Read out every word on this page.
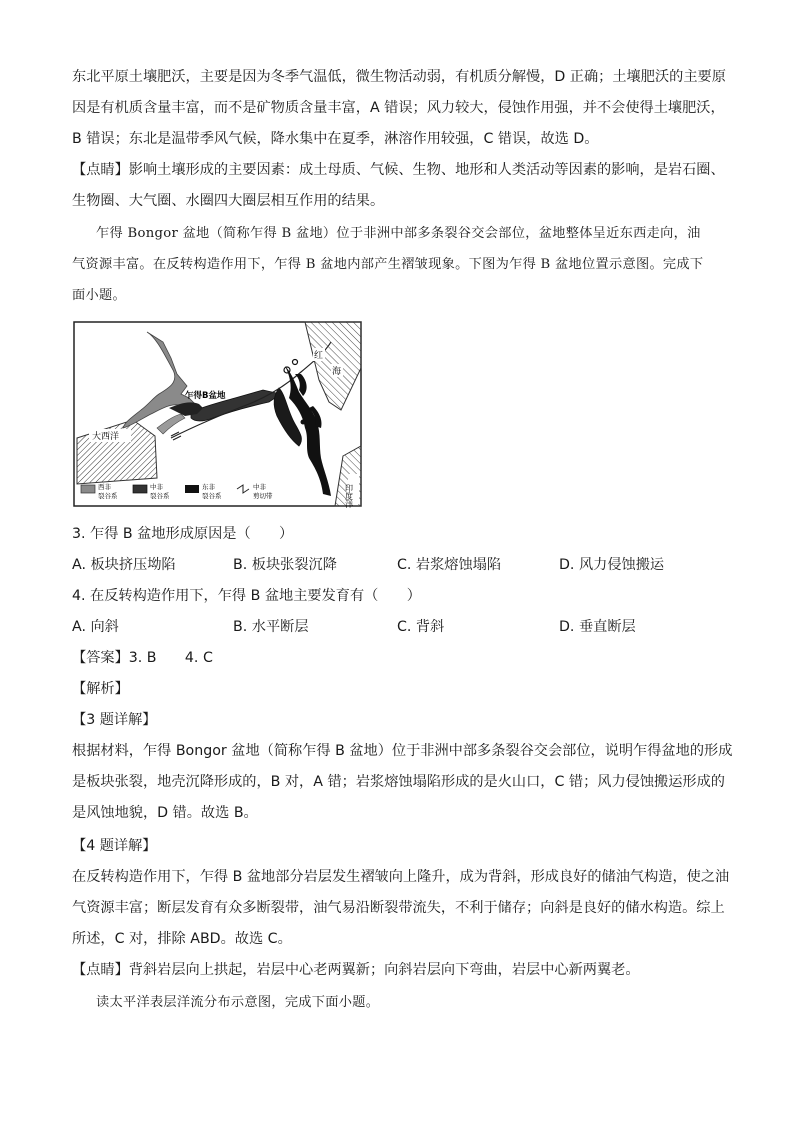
东北平原土壤肥沃，主要是因为冬季气温低，微生物活动弱，有机质分解慢，D 正确；土壤肥沃的主要原
因是有机质含量丰富，而不是矿物质含量丰富，A 错误；风力较大，侵蚀作用强，并不会使得土壤肥沃，
B 错误；东北是温带季风气候，降水集中在夏季，淋溶作用较强，C 错误，故选 D。
【点睛】影响土壤形成的主要因素：成土母质、气候、生物、地形和人类活动等因素的影响，是岩石圈、
生物圈、大气圈、水圈四大圈层相互作用的结果。
乍得 Bongor 盆地（简称乍得 B 盆地）位于非洲中部多条裂谷交会部位，盆地整体呈近东西走向，油
气资源丰富。在反转构造作用下，乍得 B 盆地内部产生褶皱现象。下图为乍得 B 盆地位置示意图。完成下
面小题。
大西洋
红
海
印度洋
乍得B盆地
西非
裂谷系
中非
裂谷系
东非
裂谷系
中非
剪切带
3. 乍得 B 盆地形成原因是（　　）
A. 板块挤压坳陷	B. 板块张裂沉降	C. 岩浆熔蚀塌陷	D. 风力侵蚀搬运
4. 在反转构造作用下，乍得 B 盆地主要发育有（　　）
A. 向斜	B. 水平断层	C. 背斜	D. 垂直断层
【答案】3. B　　4. C
【解析】
【3 题详解】
根据材料，乍得 Bongor 盆地（简称乍得 B 盆地）位于非洲中部多条裂谷交会部位，说明乍得盆地的形成
是板块张裂，地壳沉降形成的，B 对，A 错；岩浆熔蚀塌陷形成的是火山口，C 错；风力侵蚀搬运形成的
是风蚀地貌，D 错。故选 B。
【4 题详解】
在反转构造作用下，乍得 B 盆地部分岩层发生褶皱向上隆升，成为背斜，形成良好的储油气构造，使之油
气资源丰富；断层发育有众多断裂带，油气易沿断裂带流失，不利于储存；向斜是良好的储水构造。综上
所述，C 对，排除 ABD。故选 C。
【点睛】背斜岩层向上拱起，岩层中心老两翼新；向斜岩层向下弯曲，岩层中心新两翼老。
读太平洋表层洋流分布示意图，完成下面小题。
